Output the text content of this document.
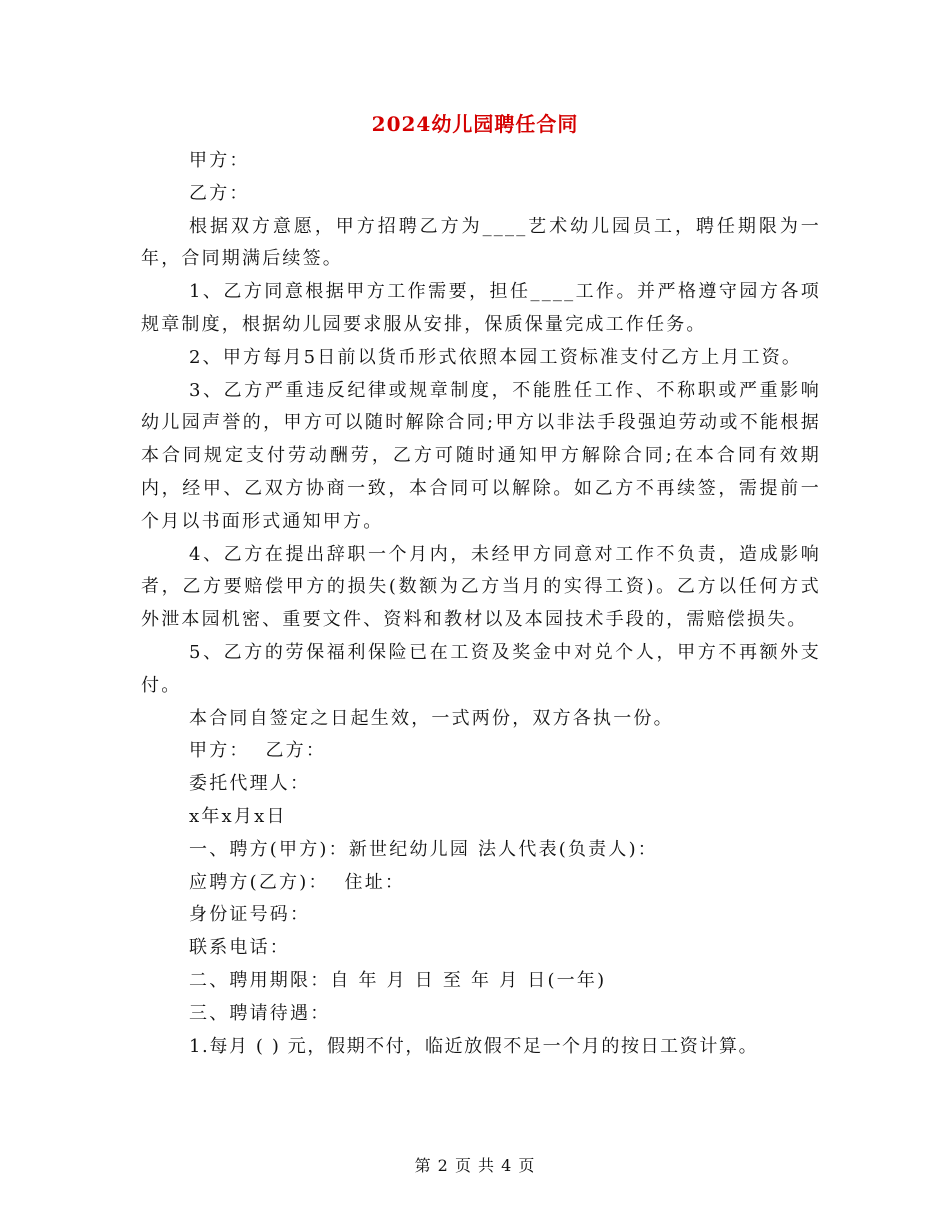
2024幼儿园聘任合同

甲方：

乙方：

根据双方意愿，甲方招聘乙方为____艺术幼儿园员工，聘任期限为一年，合同期满后续签。

1、乙方同意根据甲方工作需要，担任____工作。并严格遵守园方各项规章制度，根据幼儿园要求服从安排，保质保量完成工作任务。

2、甲方每月5日前以货币形式依照本园工资标准支付乙方上月工资。

3、乙方严重违反纪律或规章制度，不能胜任工作、不称职或严重影响幼儿园声誉的，甲方可以随时解除合同;甲方以非法手段强迫劳动或不能根据本合同规定支付劳动酬劳，乙方可随时通知甲方解除合同;在本合同有效期内，经甲、乙双方协商一致，本合同可以解除。如乙方不再续签，需提前一个月以书面形式通知甲方。

4、乙方在提出辞职一个月内，未经甲方同意对工作不负责，造成影响者，乙方要赔偿甲方的损失(数额为乙方当月的实得工资)。乙方以任何方式外泄本园机密、重要文件、资料和教材以及本园技术手段的，需赔偿损失。

5、乙方的劳保福利保险已在工资及奖金中对兑个人，甲方不再额外支付。

本合同自签定之日起生效，一式两份，双方各执一份。

甲方：  乙方：

委托代理人：

x年x月x日

一、聘方(甲方)：新世纪幼儿园 法人代表(负责人)：

应聘方(乙方)：  住址：

身份证号码：

联系电话：

二、聘用期限：自 年 月 日 至 年 月 日(一年)

三、聘请待遇：

1.每月 ( ) 元，假期不付，临近放假不足一个月的按日工资计算。

第 2 页 共 4 页
